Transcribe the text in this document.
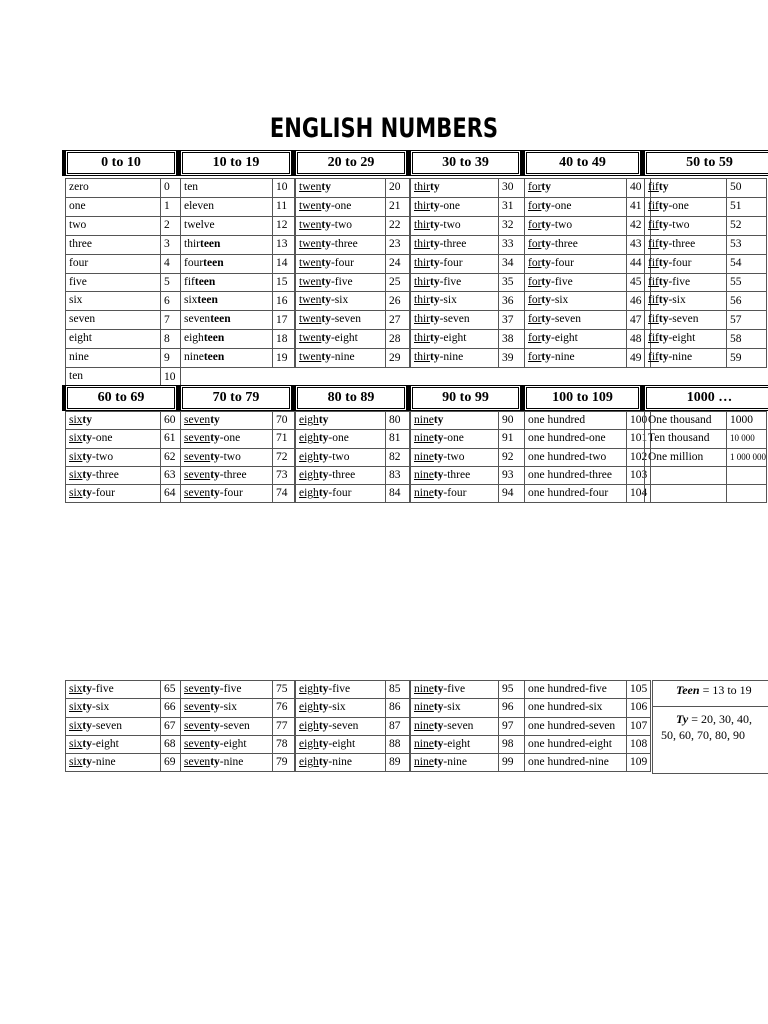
ENGLISH NUMBERS
0 to 10
zero	0
one	1
two	2
three	3
four	4
five	5
six	6
seven	7
eight	8
nine	9
ten	10
10 to 19
ten	10
eleven	11
twelve	12
thirteen	13
fourteen	14
fifteen	15
sixteen	16
seventeen	17
eighteen	18
nineteen	19
20 to 29
twenty	20
twenty-one	21
twenty-two	22
twenty-three	23
twenty-four	24
twenty-five	25
twenty-six	26
twenty-seven	27
twenty-eight	28
twenty-nine	29
30 to 39
thirty	30
thirty-one	31
thirty-two	32
thirty-three	33
thirty-four	34
thirty-five	35
thirty-six	36
thirty-seven	37
thirty-eight	38
thirty-nine	39
40 to 49
forty	40
forty-one	41
forty-two	42
forty-three	43
forty-four	44
forty-five	45
forty-six	46
forty-seven	47
forty-eight	48
forty-nine	49
50 to 59
fifty	50
fifty-one	51
fifty-two	52
fifty-three	53
fifty-four	54
fifty-five	55
fifty-six	56
fifty-seven	57
fifty-eight	58
fifty-nine	59
60 to 69
sixty	60
sixty-one	61
sixty-two	62
sixty-three	63
sixty-four	64
70 to 79
seventy	70
seventy-one	71
seventy-two	72
seventy-three	73
seventy-four	74
80 to 89
eighty	80
eighty-one	81
eighty-two	82
eighty-three	83
eighty-four	84
90 to 99
ninety	90
ninety-one	91
ninety-two	92
ninety-three	93
ninety-four	94
100 to 109
one hundred	100
one hundred-one	101
one hundred-two	102
one hundred-three	103
one hundred-four	104
1000 …
One thousand	1000
Ten thousand	10 000
One million	1 000 000

sixty-five	65
sixty-six	66
sixty-seven	67
sixty-eight	68
sixty-nine	69
seventy-five	75
seventy-six	76
seventy-seven	77
seventy-eight	78
seventy-nine	79
eighty-five	85
eighty-six	86
eighty-seven	87
eighty-eight	88
eighty-nine	89
ninety-five	95
ninety-six	96
ninety-seven	97
ninety-eight	98
ninety-nine	99
one hundred-five	105
one hundred-six	106
one hundred-seven	107
one hundred-eight	108
one hundred-nine	109
Teen = 13 to 19
Ty = 20, 30, 40,
50, 60, 70, 80, 90
